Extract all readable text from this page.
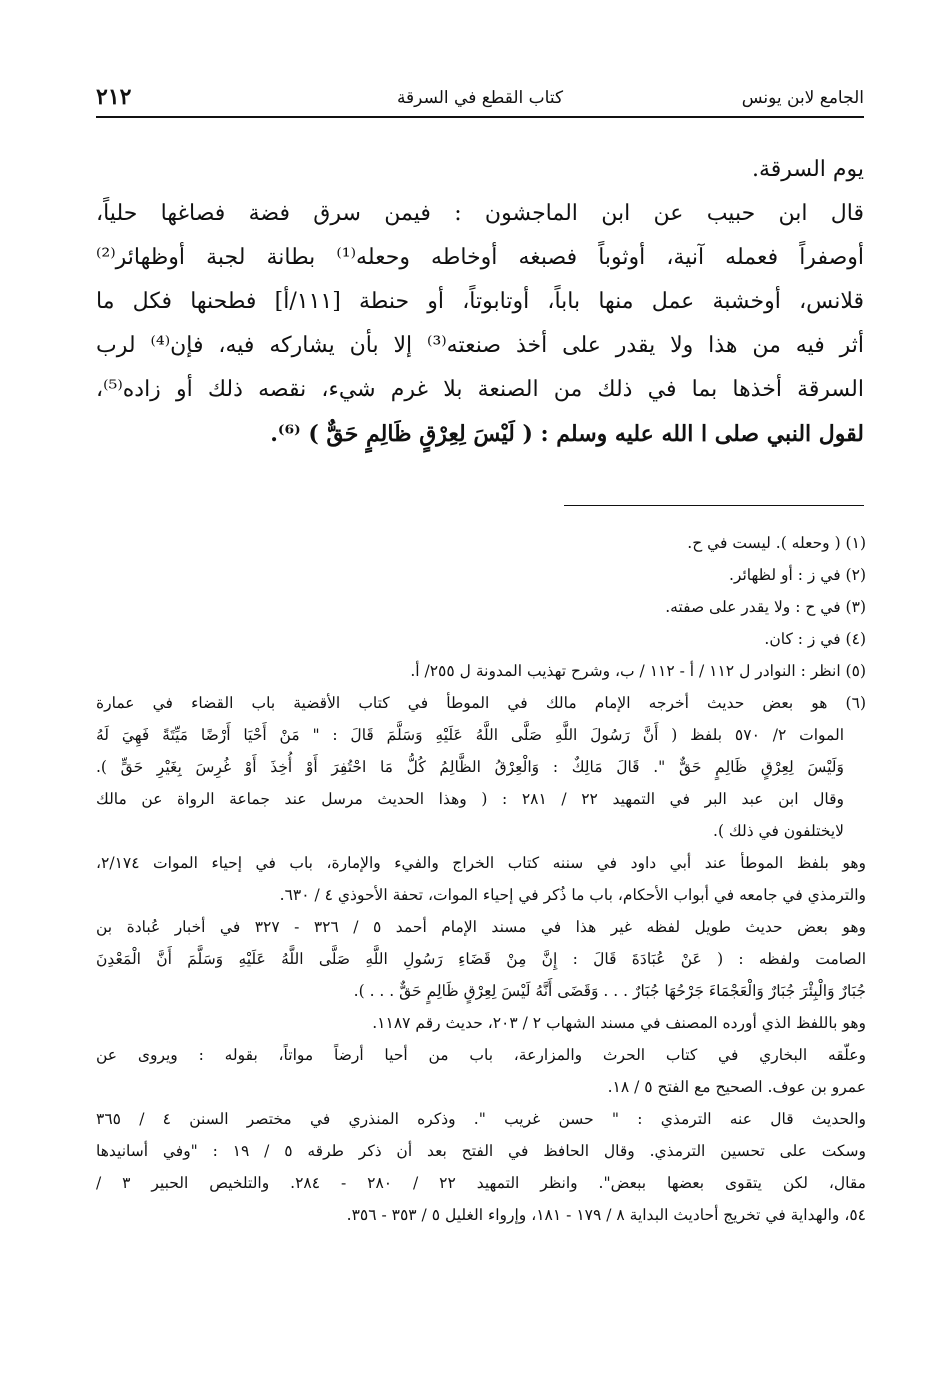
الجامع لابن يونس
كتاب القطع في السرقة
٢١٢
يوم السرقة.
قال ابن حبيب عن ابن الماجشون : فيمن سرق فضة فصاغها حلياً،
أوصفراً فعمله آنية، أوثوباً فصبغه أوخاطه وحعله⁽¹⁾ بطانة لجبة أوظهائر⁽²⁾
قلانس، أوخشبة عمل منها باباً، أوتابوتاً، أو حنطة [١١١/أ] فطحنها فكل ما
أثر فيه من هذا ولا يقدر على أخذ صنعته⁽³⁾ إلا بأن يشاركه فيه، فإن⁽⁴⁾ لرب
السرقة أخذها بما في ذلك من الصنعة بلا غرم شيء، نقصه ذلك أو زاده⁽⁵⁾،
لقول النبي صلى ا الله عليه وسلم : ( لَيْسَ لِعِرْقٍ ظَالِمٍ حَقٌّ ) ⁽⁶⁾.
(١) ( وحعله ). ليست في ح.
(٢) في ز : أو لظهائر.
(٣) في ح : ولا يقدر على صفته.
(٤) في ز : كان.
(٥) انظر : النوادر ل ١١٢ / أ - ١١٢ / ب، وشرح تهذيب المدونة ل ٢٥٥/ أ.
(٦) هو بعض حديث أخرجه الإمام مالك في الموطأ في كتاب الأقضية باب القضاء في عمارة
الموات ٢/ ٥٧٠ بلفظ ( أَنَّ رَسُولَ اللَّهِ صَلَّى اللَّهُ عَلَيْهِ وَسَلَّمَ قَالَ : " مَنْ أَحْيَا أَرْضًا مَيِّتَةً فَهِيَ لَهُ
وَلَيْسَ لِعِرْقٍ ظَالِمٍ حَقٌّ ". قَالَ مَالِكٌ : وَالْعِرْقُ الظَّالِمُ كُلُّ مَا احْتُفِرَ أَوْ أُخِذَ أَوْ غُرِسَ بِغَيْرِ حَقٍّ ).
وقال ابن عبد البر في التمهيد ٢٢ / ٢٨١ : ( وهذا الحديث مرسل عند جماعة الرواة عن مالك
لايختلفون في ذلك ).
وهو بلفظ الموطأ عند أبي داود في سننه كتاب الخراج والفيء والإمارة، باب في إحياء الموات ٢/١٧٤،
والترمذي في جامعه في أبواب الأحكام، باب ما ذُكر في إحياء الموات، تحفة الأحوذي ٤ / ٦٣٠.
وهو بعض حديث طويل لفظه غير هذا في مسند الإمام أحمد ٥ / ٣٢٦ - ٣٢٧ في أخبار عُبادة بن
الصامت ولفظه : ( عَنْ عُبَادَةَ قَالَ : إِنَّ مِنْ قَضَاءِ رَسُولِ اللَّهِ صَلَّى اللَّهُ عَلَيْهِ وَسَلَّمَ أَنَّ الْمَعْدِنَ
جُبَارٌ وَالْبِئْرَ جُبَارٌ وَالْعَجْمَاءَ جَرْحُهَا جُبَارٌ . . . وَقَضَى أَنَّهُ لَيْسَ لِعِرْقٍ ظَالِمٍ حَقٌّ . . . ).
وهو باللفظ الذي أورده المصنف في مسند الشهاب ٢ / ٢٠٣، حديث رقم ١١٨٧.
وعلّقه البخاري في كتاب الحرث والمزارعة، باب من أحيا أرضاً مواتاً، بقوله : ويروى عن
عمرو بن عوف. الصحيح مع الفتح ٥ / ١٨.
والحديث قال عنه الترمذي : " حسن غريب ". وذكره المنذري في مختصر السنن ٤ / ٣٦٥
وسكت على تحسين الترمذي. وقال الحافظ في الفتح بعد أن ذكر طرقه ٥ / ١٩ : "وفي أسانيدها
مقال، لكن يتقوى بعضها ببعض". وانظر التمهيد ٢٢ / ٢٨٠ - ٢٨٤. والتلخيص الحبير ٣ /
٥٤، والهداية في تخريج أحاديث البداية ٨ / ١٧٩ - ١٨١، وإرواء الغليل ٥ / ٣٥٣ - ٣٥٦.
